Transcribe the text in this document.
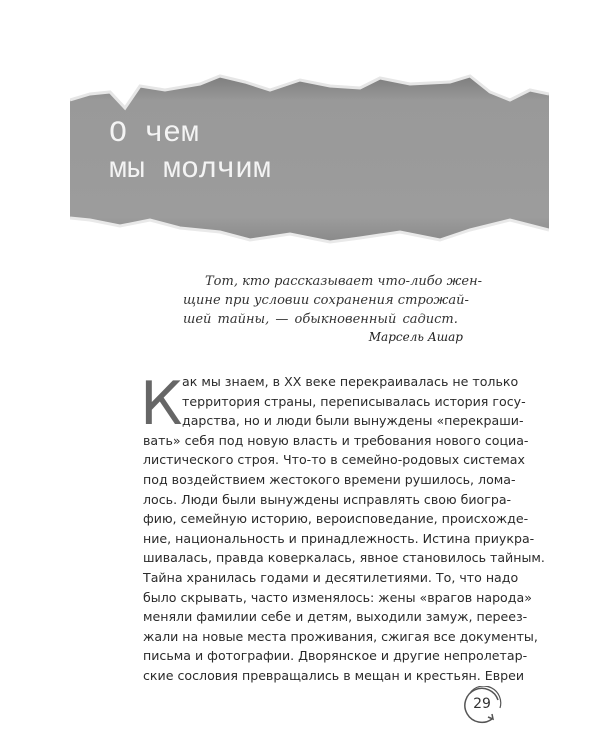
О чем
мы молчим
Тот, кто рассказывает что-либо жен-
щине при условии сохранения строжай-
шей тайны, — обыкновенный садист.
Марсель Ашар
К ак мы знаем, в XX веке перекраивалась не только
территория страны, переписывалась история госу-
дарства, но и люди были вынуждены «перекраши-
вать» себя под новую власть и требования нового социа-
листического строя. Что-то в семейно-родовых системах
под воздействием жестокого времени рушилось, лома-
лось. Люди были вынуждены исправлять свою биогра-
фию, семейную историю, вероисповедание, происхожде-
ние, национальность и принадлежность. Истина приукра-
шивалась, правда коверкалась, явное становилось тайным.
Тайна хранилась годами и десятилетиями. То, что надо
было скрывать, часто изменялось: жены «врагов народа»
меняли фамилии себе и детям, выходили замуж, переез-
жали на новые места проживания, сжигая все документы,
письма и фотографии. Дворянское и другие непролетар-
ские сословия превращались в мещан и крестьян. Евреи
29
